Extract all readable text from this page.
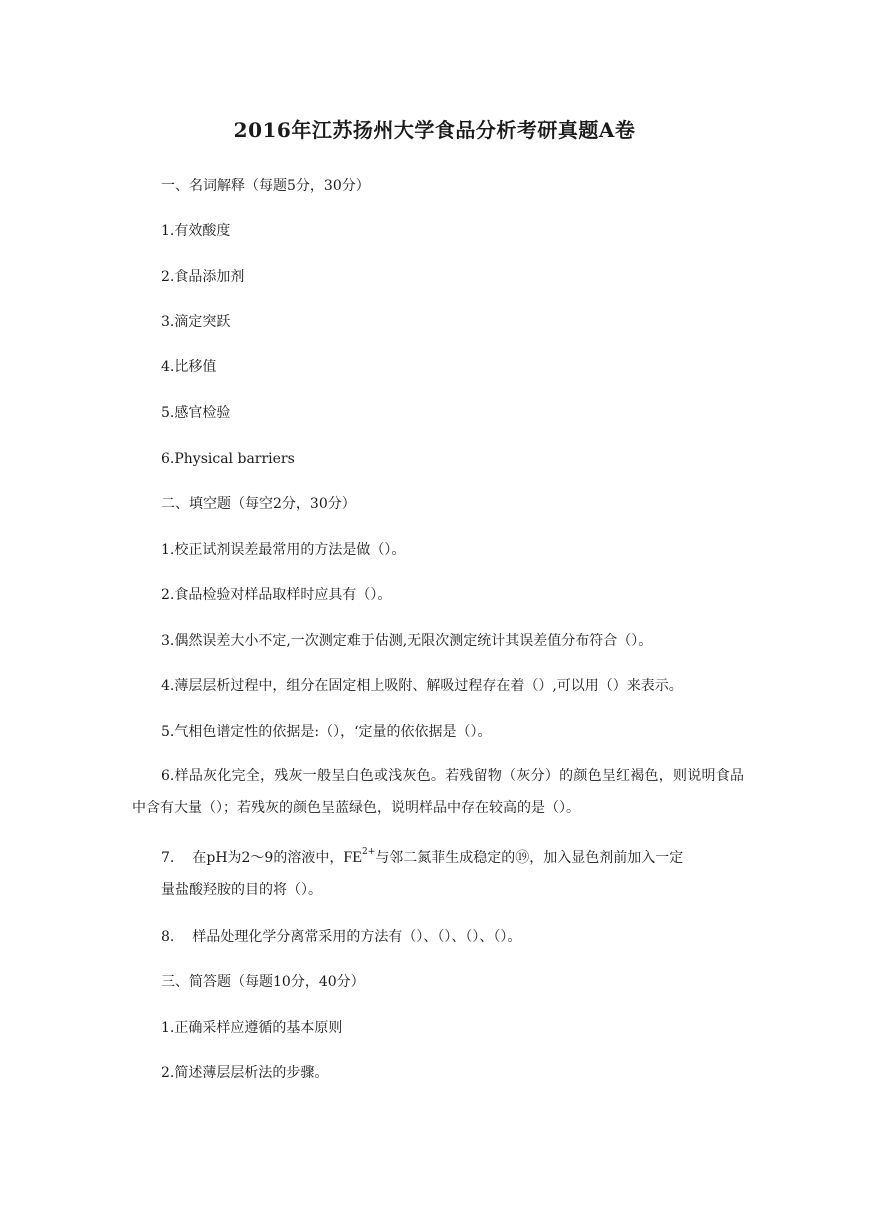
2016年江苏扬州大学食品分析考研真题A卷
一、名词解释（每题5分，30分）
1.有效酸度
2.食品添加剂
3.滴定突跃
4.比移值
5.感官检验
6.Physical barriers
二、填空题（每空2分，30分）
1.校正试剂误差最常用的方法是做（）。
2.食品检验对样品取样时应具有（）。
3.偶然误差大小不定,一次测定难于估测,无限次测定统计其误差值分布符合（）。
4.薄层层析过程中，组分在固定相上吸附、解吸过程存在着（）,可以用（）来表示。
5.气相色谱定性的依据是:（），‘定量的依依据是（）。
6.样品灰化完全，残灰一般呈白色或浅灰色。若残留物（灰分）的颜色呈红褐色，则说明食品中含有大量（）；若残灰的颜色呈蓝绿色，说明样品中存在较高的是（）。
7. 在pH为2～9的溶液中，$FE^{2+}$与邻二氮菲生成稳定的⑲，加入显色剂前加入一定
量盐酸羟胺的目的将（）。
8. 样品处理化学分离常采用的方法有（）、（）、（）、（）。
三、简答题（每题10分，40分）
1.正确采样应遵循的基本原则
2.简述薄层层析法的步骤。
